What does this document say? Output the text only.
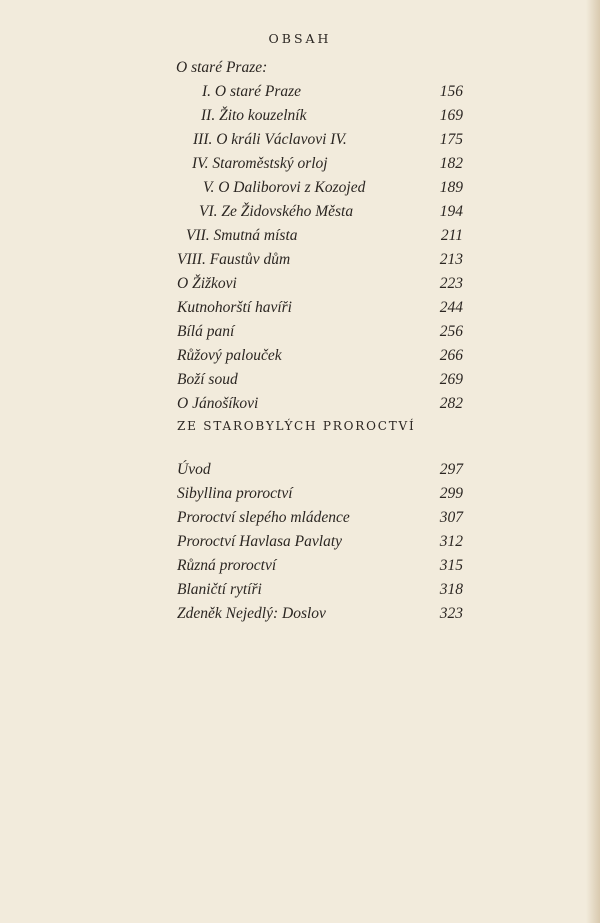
OBSAH
O staré Praze:
I. O staré Praze	156
II. Žito kouzelník	169
III. O králi Václavovi IV.	175
IV. Staroměstský orloj	182
V. O Daliborovi z Kozojed	189
VI. Ze Židovského Města	194
VII. Smutná místa	211
VIII. Faustův dům	213
O Žižkovi	223
Kutnohorští havíři	244
Bílá paní	256
Růžový palouček	266
Boží soud	269
O Jánošíkovi	282
ZE STAROBYLÝCH PROROCTVÍ
Úvod	297
Sibyllina proroctví	299
Proroctví slepého mládence	307
Proroctví Havlasa Pavlaty	312
Různá proroctví	315
Blaničtí rytíři	318
Zdeněk Nejedlý: Doslov	323
